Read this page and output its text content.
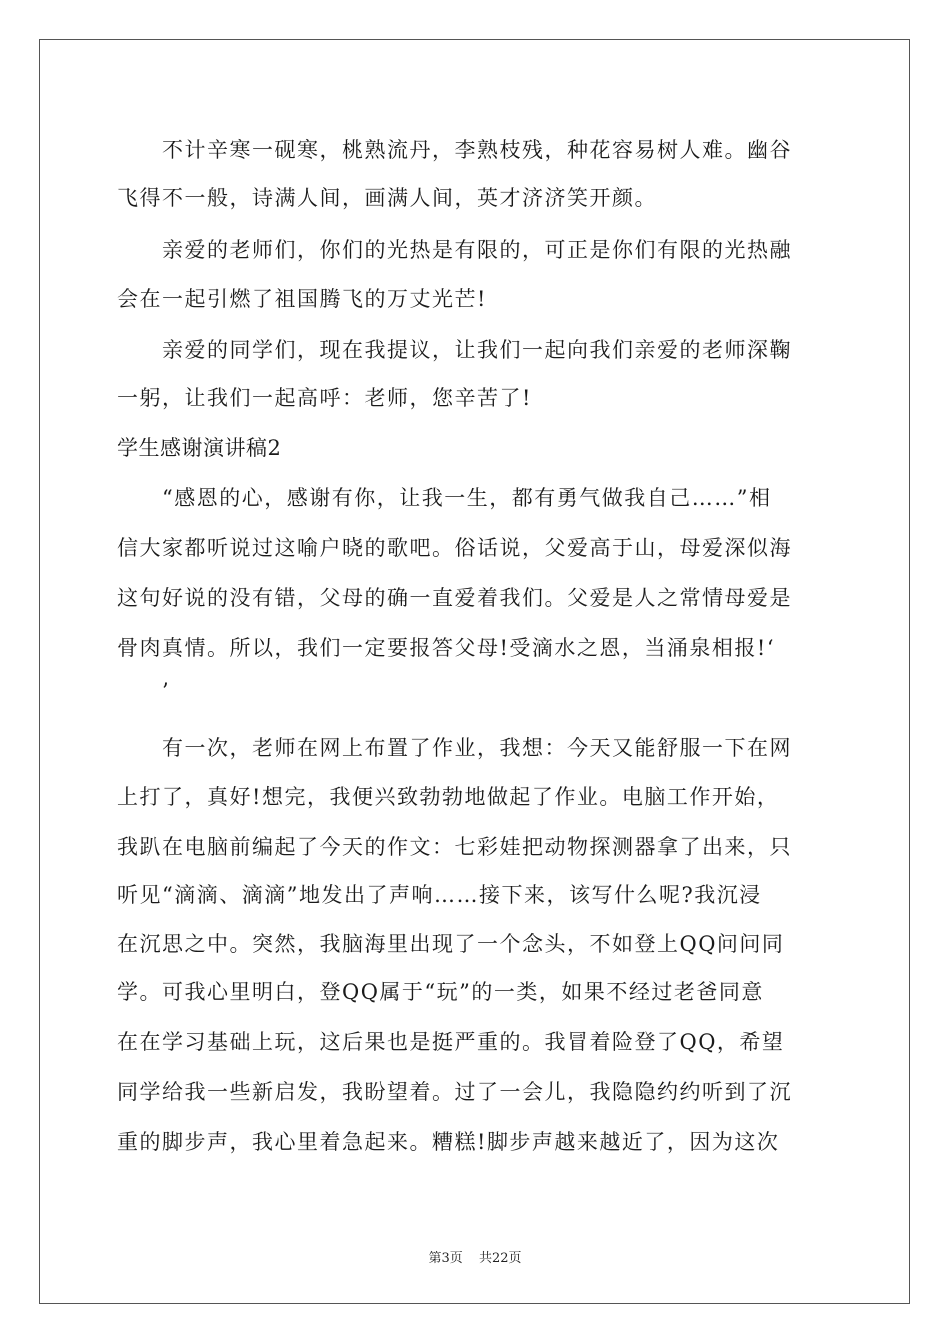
　　不计辛寒一砚寒，桃熟流丹，李熟枝残，种花容易树人难。幽谷
飞得不一般，诗满人间，画满人间，英才济济笑开颜。
　　亲爱的老师们，你们的光热是有限的，可正是你们有限的光热融
会在一起引燃了祖国腾飞的万丈光芒!
　　亲爱的同学们，现在我提议，让我们一起向我们亲爱的老师深鞠
一躬，让我们一起高呼：老师，您辛苦了!
学生感谢演讲稿2
　　“感恩的心，感谢有你，让我一生，都有勇气做我自己……”相
信大家都听说过这喻户晓的歌吧。俗话说，父爱高于山，母爱深似海
这句好说的没有错，父母的确一直爱着我们。父爱是人之常情母爱是
骨肉真情。所以，我们一定要报答父母!受滴水之恩，当涌泉相报!‘
　　’
　　有一次，老师在网上布置了作业，我想：今天又能舒服一下在网
上打了，真好!想完，我便兴致勃勃地做起了作业。电脑工作开始，
我趴在电脑前编起了今天的作文：七彩娃把动物探测器拿了出来，只
听见“滴滴、滴滴”地发出了声响……接下来，该写什么呢?我沉浸
在沉思之中。突然，我脑海里出现了一个念头，不如登上QQ问问同
学。可我心里明白，登QQ属于“玩”的一类，如果不经过老爸同意
在在学习基础上玩，这后果也是挺严重的。我冒着险登了QQ，希望
同学给我一些新启发，我盼望着。过了一会儿，我隐隐约约听到了沉
重的脚步声，我心里着急起来。糟糕!脚步声越来越近了，因为这次
第3页 共22页
